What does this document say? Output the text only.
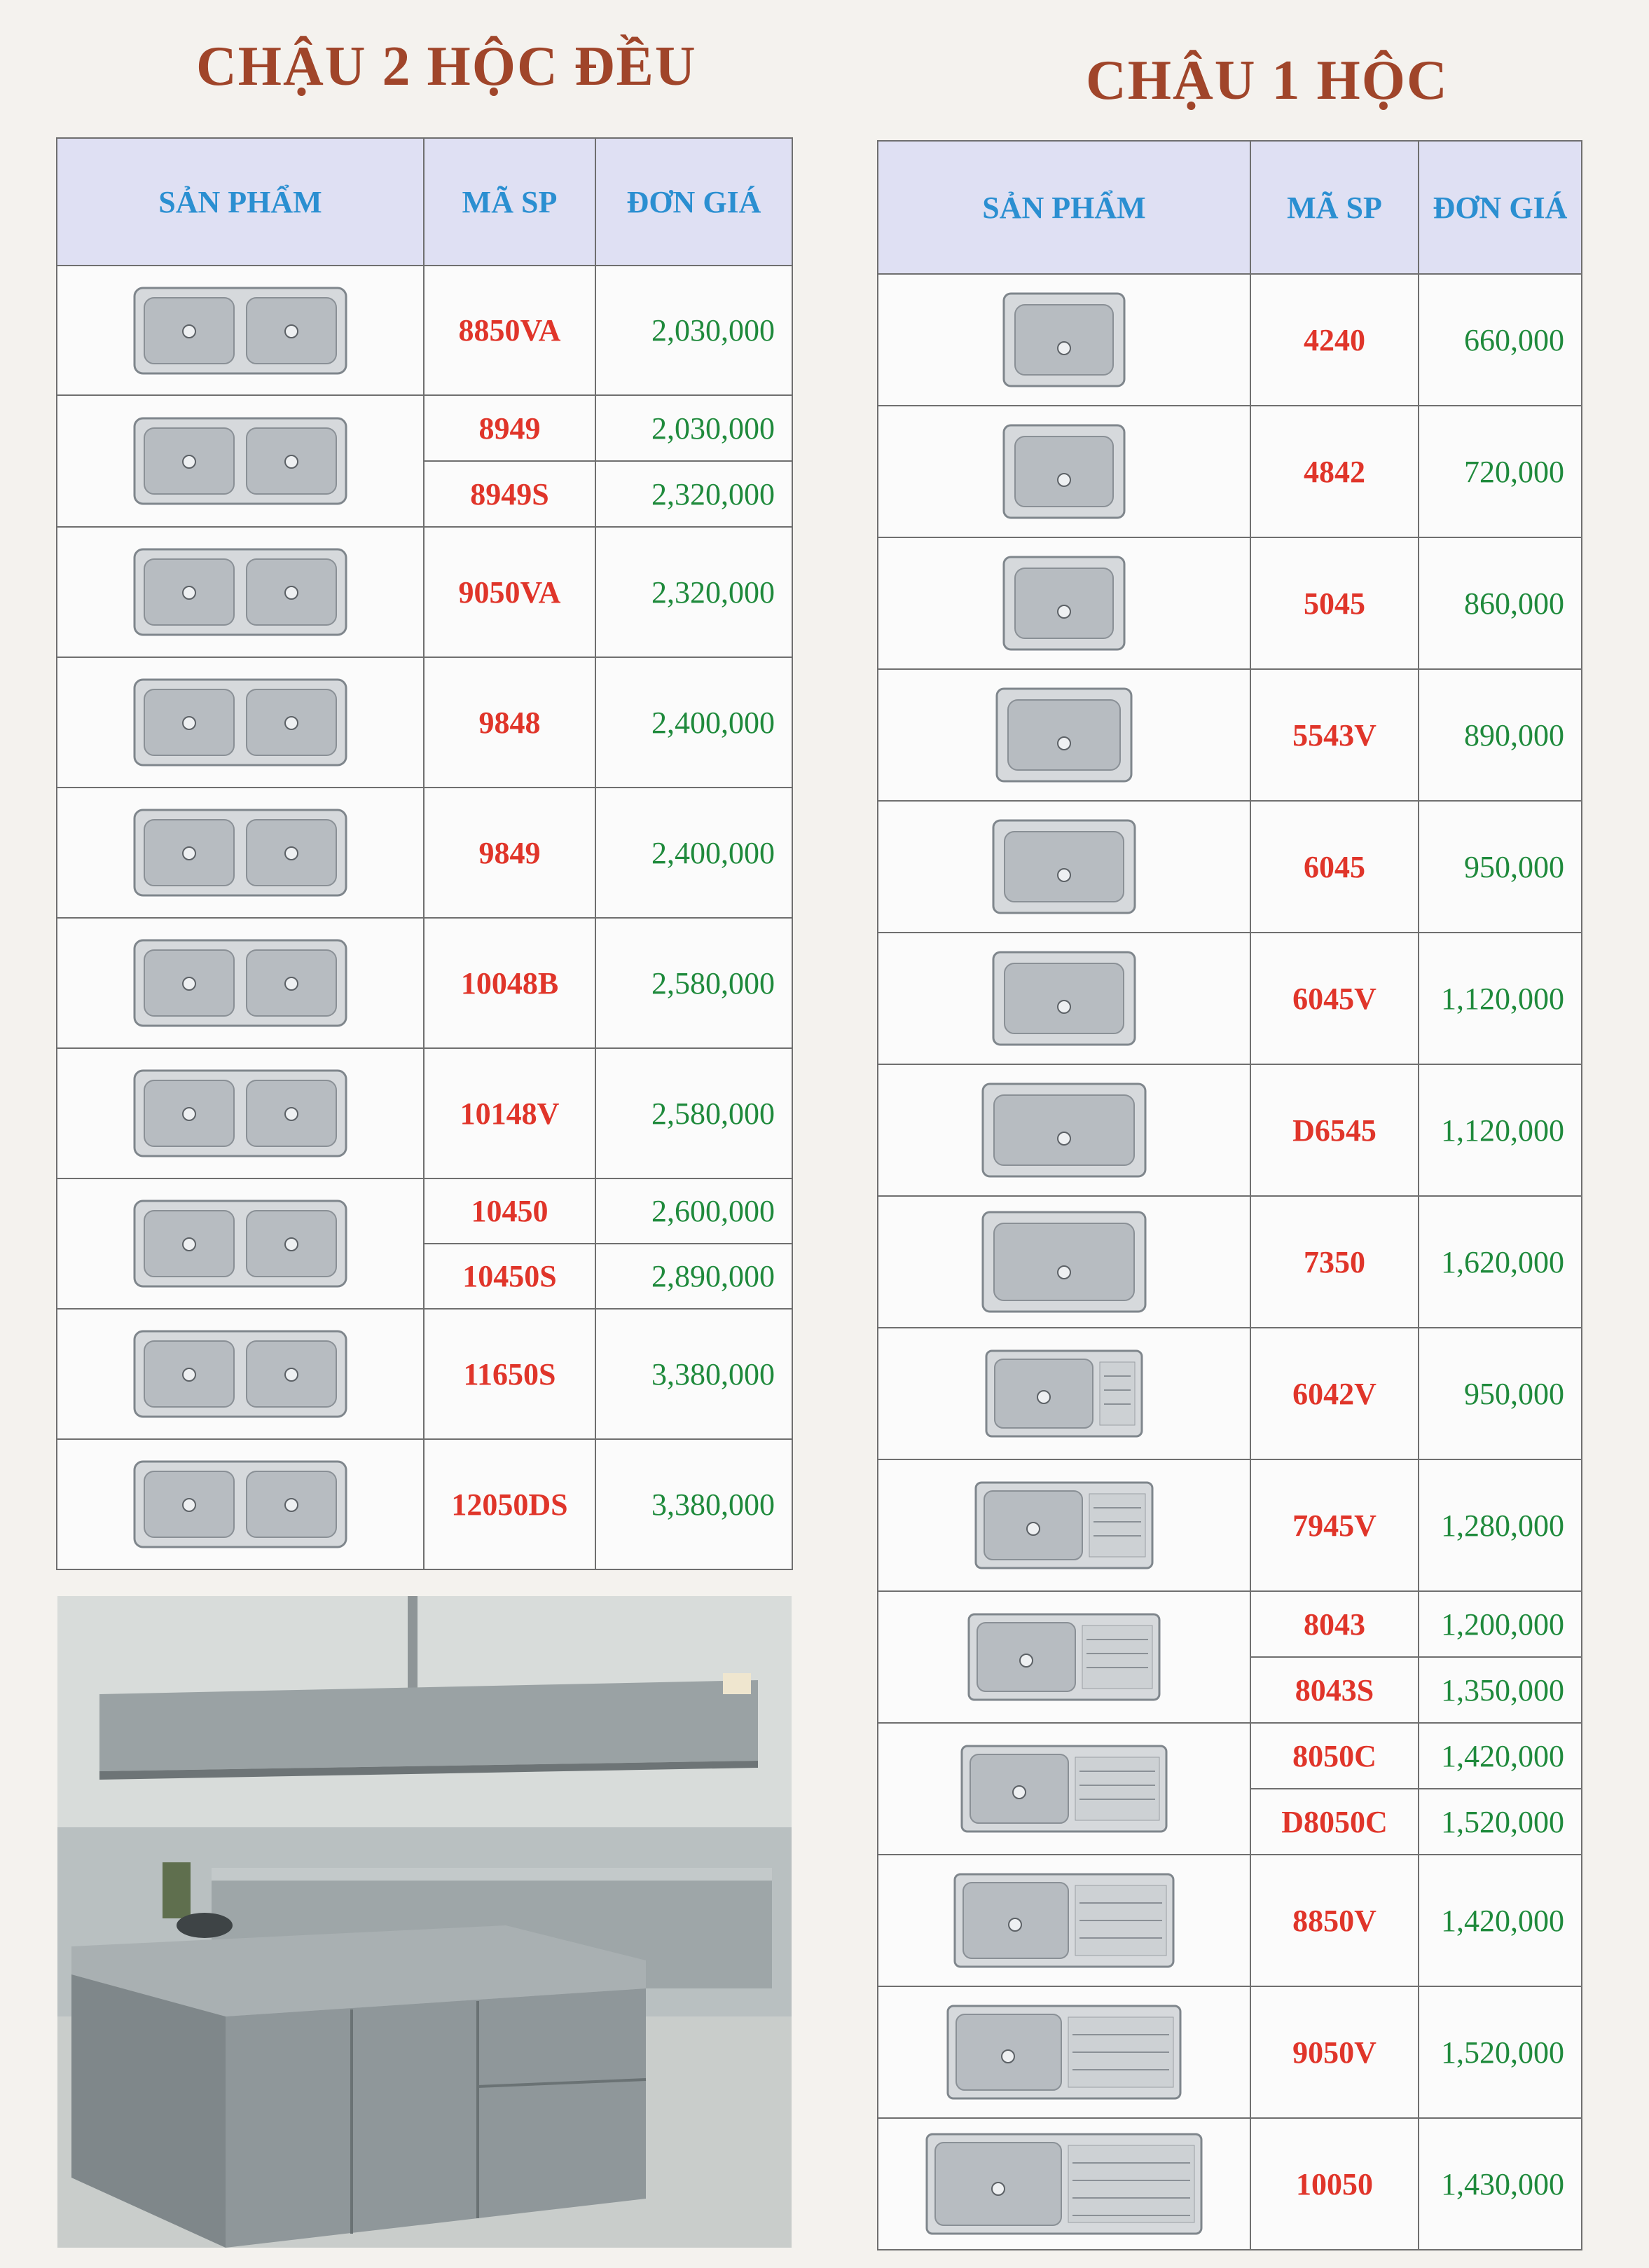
CHẬU 2 HỘC ĐỀU	CHẬU 1 HỘC
SẢN PHẨM	MÃ SP	ĐƠN GIÁ

	8850VA	2,030,000

	8949	2,030,000
	8949S	2,320,000

	9050VA	2,320,000

	9848	2,400,000

	9849	2,400,000

	10048B	2,580,000

	10148V	2,580,000

	10450	2,600,000
	10450S	2,890,000

	11650S	3,380,000

	12050DS	3,380,000
SẢN PHẨM	MÃ SP	ĐƠN GIÁ

	4240	660,000

	4842	720,000

	5045	860,000

	5543V	890,000

	6045	950,000

	6045V	1,120,000

	D6545	1,120,000

	7350	1,620,000

	6042V	950,000

	7945V	1,280,000

	8043	1,200,000
	8043S	1,350,000

	8050C	1,420,000
	D8050C	1,520,000

	8850V	1,420,000

	9050V	1,520,000

	10050	1,430,000
